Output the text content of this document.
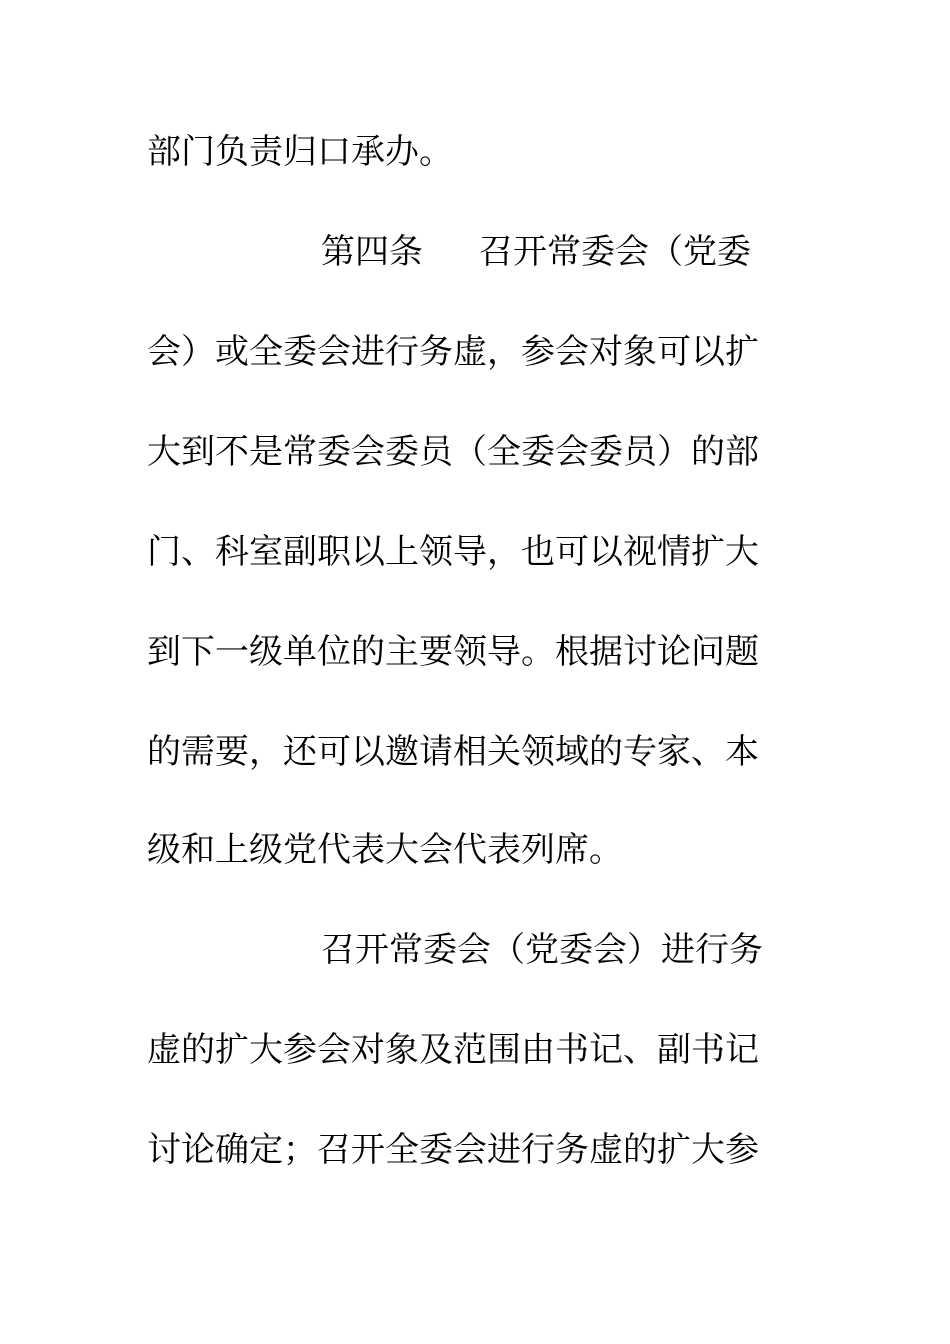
部门负责归口承办。
第四条 召开常委会（党委
会）或全委会进行务虚，参会对象可以扩
大到不是常委会委员（全委会委员）的部
门、科室副职以上领导，也可以视情扩大
到下一级单位的主要领导。根据讨论问题
的需要，还可以邀请相关领域的专家、本
级和上级党代表大会代表列席。
召开常委会（党委会）进行务
虚的扩大参会对象及范围由书记、副书记
讨论确定；召开全委会进行务虚的扩大参
